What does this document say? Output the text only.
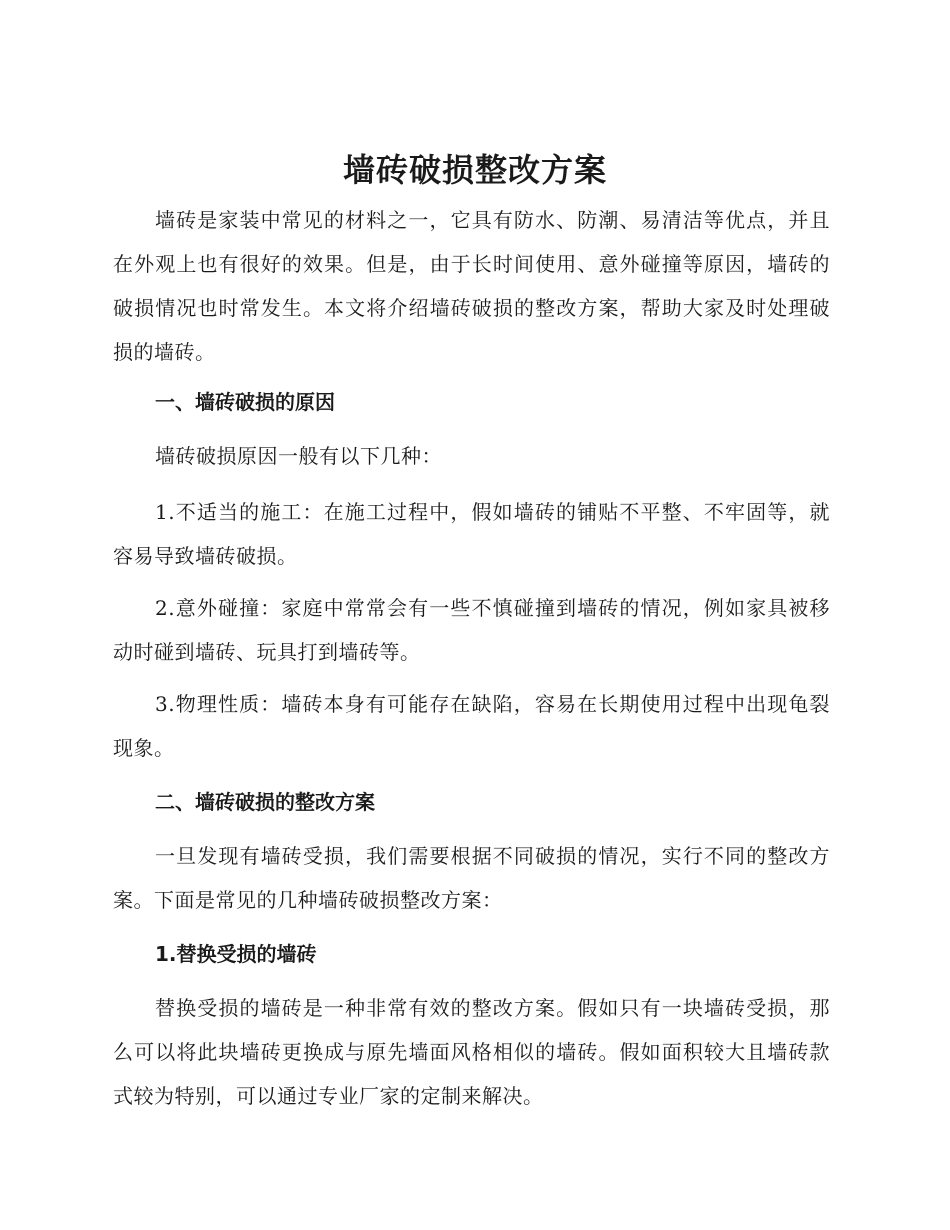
墙砖破损整改方案
墙砖是家装中常见的材料之一，它具有防水、防潮、易清洁等优点，并且在外观上也有很好的效果。但是，由于长时间使用、意外碰撞等原因，墙砖的破损情况也时常发生。本文将介绍墙砖破损的整改方案，帮助大家及时处理破损的墙砖。
一、墙砖破损的原因
墙砖破损原因一般有以下几种：
1.不适当的施工：在施工过程中，假如墙砖的铺贴不平整、不牢固等，就容易导致墙砖破损。
2.意外碰撞：家庭中常常会有一些不慎碰撞到墙砖的情况，例如家具被移动时碰到墙砖、玩具打到墙砖等。
3.物理性质：墙砖本身有可能存在缺陷，容易在长期使用过程中出现龟裂现象。
二、墙砖破损的整改方案
一旦发现有墙砖受损，我们需要根据不同破损的情况，实行不同的整改方案。下面是常见的几种墙砖破损整改方案：
1.替换受损的墙砖
替换受损的墙砖是一种非常有效的整改方案。假如只有一块墙砖受损，那么可以将此块墙砖更换成与原先墙面风格相似的墙砖。假如面积较大且墙砖款式较为特别，可以通过专业厂家的定制来解决。
